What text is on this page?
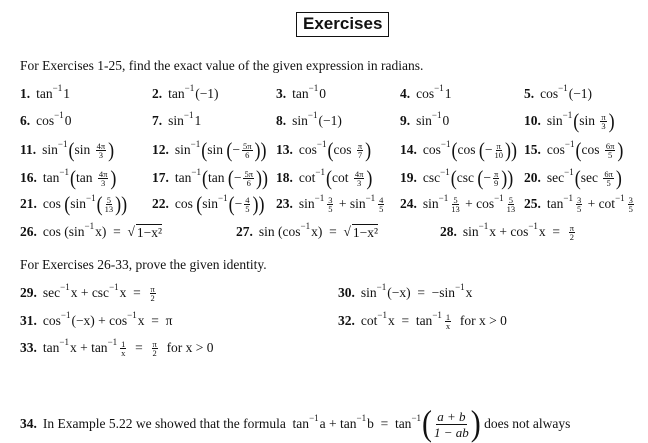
Exercises
For Exercises 1-25, find the exact value of the given expression in radians.
For Exercises 26-33, prove the given identity.
1. tan −1 1	2. tan −1 (−1)	3. tan −1 0	4. cos −1 1	5. cos −1 (−1)
6. cos −1 0	7. sin −1 1	8. sin −1 (−1)	9. sin −1 0	10. sin −1 ( $\sin \frac{\pi}{3}$ )
11. sin −1 ( $\sin \frac{4\pi}{3}$ )	12. sin −1 ( sin ( − $\frac{5\pi}{6}$ ) ) 13. cos −1 ( $\cos \frac{\pi}{7}$ ) 14. cos −1 ( cos ( − $\frac{\pi}{10}$ ) ) 15. cos −1 ( $\cos \frac{6\pi}{5}$ )
16. tan −1 ( $\tan \frac{4\pi}{3}$ )	17. tan −1 ( tan ( − $\frac{5\pi}{6}$ ) ) 18. cot −1 ( $\cot \frac{4\pi}{3}$ ) 19. csc −1 ( csc ( − $\frac{\pi}{9}$ ) ) 20. sec −1 ( $\sec \frac{6\pi}{5}$ )
21. cos ( sin −1 ( $\frac{5}{13}$ ) ) 22. cos ( sin −1 ( − $\frac{4}{5}$ ) ) 23. $\sin -1 \frac{3}{5} + \sin -1 \frac{4}{5} 24$. $\sin -1 \frac{5}{13} + \cos -1 \frac{5}{13} 25$. $\tan -1 \frac{3}{5} + \cot -1 \frac{3}{5}$
26. cos (sin −1 x)  = √ 1−x²	27. sin (cos −1 x)  = √ 1−x²	28. sin −1 x + cos −1 $x = \frac{\pi}{2}$
29. sec −1 x + csc −1 $x = \frac{\pi}{2}$	30. sin −1 (−x)  =  −sin −1 x
31. cos −1 (−x) + cos −1 x  =  π	32. cot −1 $x = \tan -1 \frac{1}{x}$ for x > 0
33. tan −1 $x + \tan -1 \frac{1}{x} = \frac{\pi}{2}$ for x > 0
34. In Example 5.22 we showed that the formula  tan −1 a + tan −1 b  =  tan −1 ( $\frac{a + b}{1 - ab}$ ) does not always
